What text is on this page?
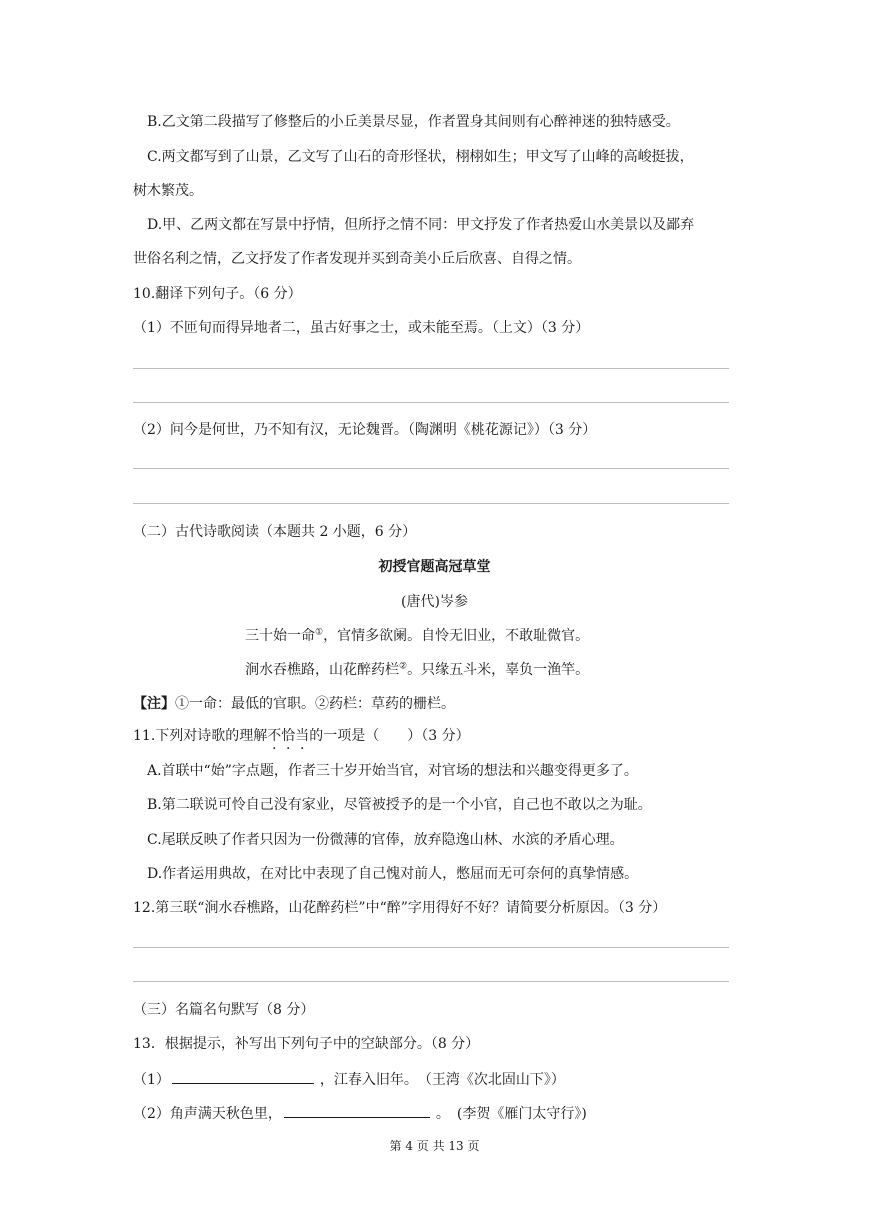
B.乙文第二段描写了修整后的小丘美景尽显，作者置身其间则有心醉神迷的独特感受。
C.两文都写到了山景，乙文写了山石的奇形怪状，栩栩如生；甲文写了山峰的高峻挺拔，
树木繁茂。
D.甲、乙两文都在写景中抒情，但所抒之情不同：甲文抒发了作者热爱山水美景以及鄙弃
世俗名利之情，乙文抒发了作者发现并买到奇美小丘后欣喜、自得之情。
10.翻译下列句子。（6 分）
（1）不匝旬而得异地者二，虽古好事之士，或未能至焉。（上文）（3 分）
（2）问今是何世，乃不知有汉，无论魏晋。（陶渊明《桃花源记》）（3 分）
（二）古代诗歌阅读（本题共 2 小题，6 分）
初授官题高冠草堂
(唐代)岑参
三十始一命①，官情多欲阑。自怜无旧业，不敢耻微官。
涧水吞樵路，山花醉药栏②。只缘五斗米，辜负一渔竿。
【注】①一命：最低的官职。②药栏：草药的栅栏。
11.下列对诗歌的理解不恰当的一项是（　　）（3 分）
A.首联中“始”字点题，作者三十岁开始当官，对官场的想法和兴趣变得更多了。
B.第二联说可怜自己没有家业，尽管被授予的是一个小官，自己也不敢以之为耻。
C.尾联反映了作者只因为一份微薄的官俸，放弃隐逸山林、水滨的矛盾心理。
D.作者运用典故，在对比中表现了自己愧对前人，憋屈而无可奈何的真挚情感。
12.第三联“涧水吞樵路，山花醉药栏”中“醉”字用得好不好？请简要分析原因。（3 分）
（三）名篇名句默写（8 分）
13．根据提示，补写出下列句子中的空缺部分。（8 分）
（1）	，江春入旧年。　（王湾《次北固山下》）
（2）角声满天秋色里，	。　(李贺《雁门太守行》)
第 4 页 共 13 页
